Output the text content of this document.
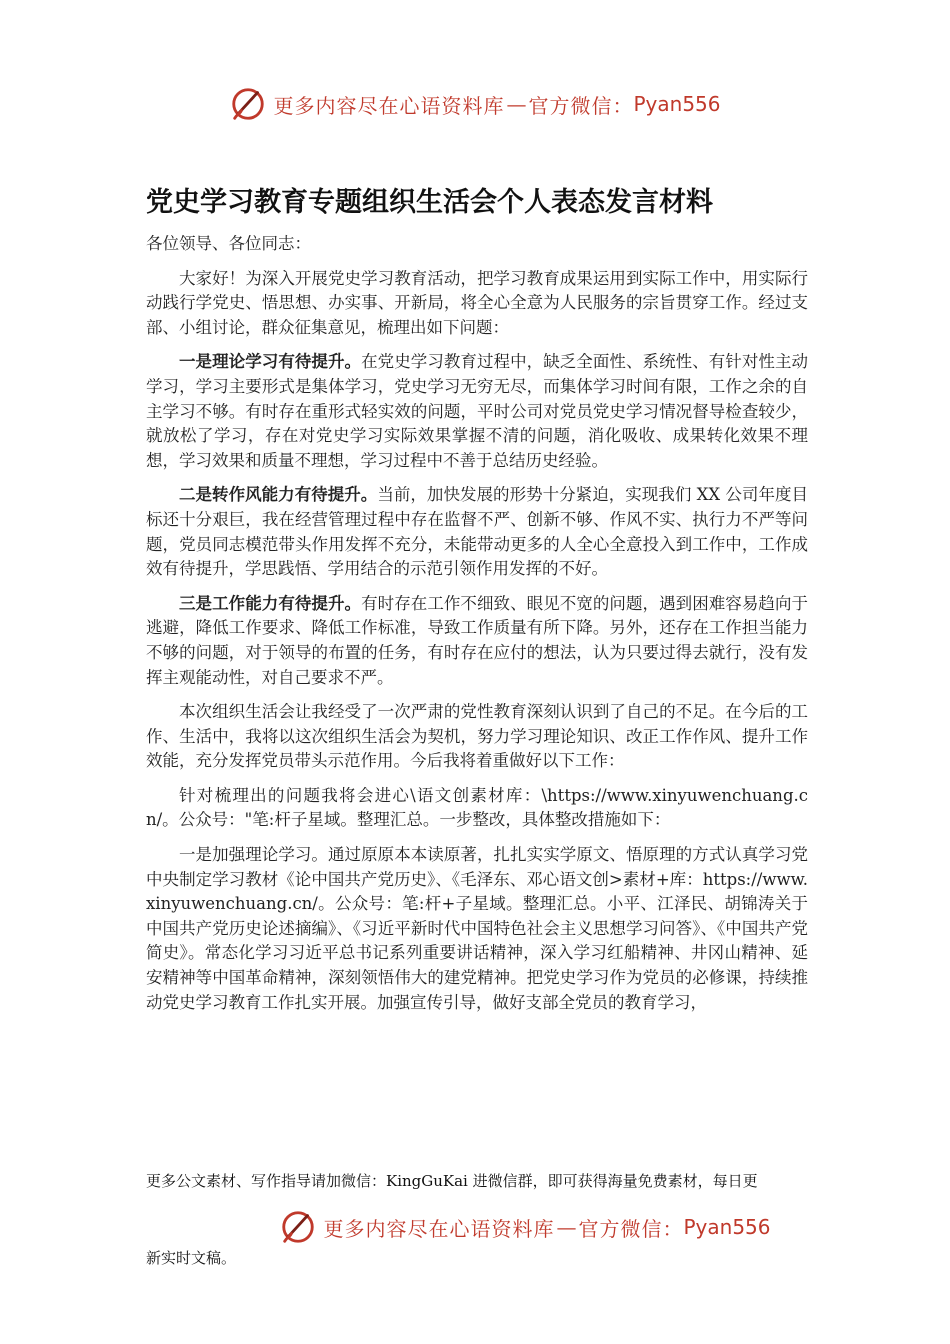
更多内容尽在心语资料库 — 官方微信： Pyan556
党史学习教育专题组织生活会个人表态发言材料

各位领导、各位同志：

大家好！为深入开展党史学习教育活动，把学习教育成果运用到实际工作中，用实际行动践行学党史、悟思想、办实事、开新局，将全心全意为人民服务的宗旨贯穿工作。经过支部、小组讨论，群众征集意见，梳理出如下问题：

一是理论学习有待提升。在党史学习教育过程中，缺乏全面性、系统性、有针对性主动学习，学习主要形式是集体学习，党史学习无穷无尽，而集体学习时间有限，工作之余的自主学习不够。有时存在重形式轻实效的问题，平时公司对党员党史学习情况督导检查较少，就放松了学习，存在对党史学习实际效果掌握不清的问题，消化吸收、成果转化效果不理想，学习效果和质量不理想，学习过程中不善于总结历史经验。

二是转作风能力有待提升。当前，加快发展的形势十分紧迫，实现我们 XX 公司年度目标还十分艰巨，我在经营管理过程中存在监督不严、创新不够、作风不实、执行力不严等问题，党员同志模范带头作用发挥不充分，未能带动更多的人全心全意投入到工作中，工作成效有待提升，学思践悟、学用结合的示范引领作用发挥的不好。

三是工作能力有待提升。有时存在工作不细致、眼见不宽的问题，遇到困难容易趋向于逃避，降低工作要求、降低工作标准，导致工作质量有所下降。另外，还存在工作担当能力不够的问题，对于领导的布置的任务，有时存在应付的想法，认为只要过得去就行，没有发挥主观能动性，对自己要求不严。

本次组织生活会让我经受了一次严肃的党性教育深刻认识到了自己的不足。在今后的工作、生活中，我将以这次组织生活会为契机，努力学习理论知识、改正工作作风、提升工作效能，充分发挥党员带头示范作用。今后我将着重做好以下工作：

针对梳理出的问题我将会进心\语文创素材库：\https://www.xinyuwenchuang.cn/。公众号："笔:杆子星域。整理汇总。一步整改，具体整改措施如下：

一是加强理论学习。通过原原本本读原著，扎扎实实学原文、悟原理的方式认真学习党中央制定学习教材《论中国共产党历史》、《毛泽东、邓心语文创>素材+库：https://www.xinyuwenchuang.cn/。公众号：笔:杆+子星域。整理汇总。小平、江泽民、胡锦涛关于中国共产党历史论述摘编》、《习近平新时代中国特色社会主义思想学习问答》、《中国共产党简史》。常态化学习习近平总书记系列重要讲话精神，深入学习红船精神、井冈山精神、延安精神等中国革命精神，深刻领悟伟大的建党精神。把党史学习作为党员的必修课，持续推动党史学习教育工作扎实开展。加强宣传引导，做好支部全党员的教育学习，

更多公文素材、写作指导请加微信：KingGuKai 进微信群，即可获得海量免费素材，每日更
更多内容尽在心语资料库 — 官方微信： Pyan556
新实时文稿。
